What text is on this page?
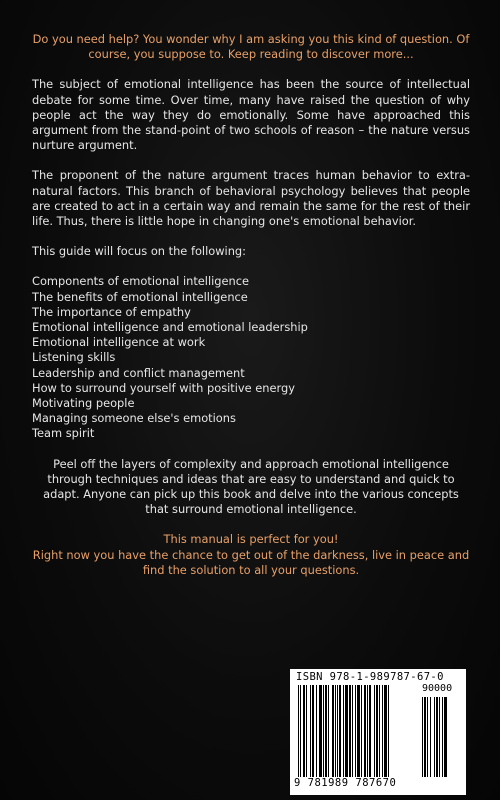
Do you need help? You wonder why I am asking you this kind of question. Of course, you suppose to. Keep reading to discover more...

The subject of emotional intelligence has been the source of intellectual debate for some time. Over time, many have raised the question of why people act the way they do emotionally. Some have approached this argument from the stand-point of two schools of reason – the nature versus nurture argument.

The proponent of the nature argument traces human behavior to extra-natural factors. This branch of behavioral psychology believes that people are created to act in a certain way and remain the same for the rest of their life. Thus, there is little hope in changing one's emotional behavior.

This guide will focus on the following:

Components of emotional intelligence
The benefits of emotional intelligence
The importance of empathy
Emotional intelligence and emotional leadership
Emotional intelligence at work
Listening skills
Leadership and conflict management
How to surround yourself with positive energy
Motivating people
Managing someone else's emotions
Team spirit

Peel off the layers of complexity and approach emotional intelligence through techniques and ideas that are easy to understand and quick to adapt. Anyone can pick up this book and delve into the various concepts that surround emotional intelligence.

This manual is perfect for you!

Right now you have the chance to get out of the darkness, live in peace and find the solution to all your questions.

ISBN 978-1-989787-67-0
90000
9 781989 787670
